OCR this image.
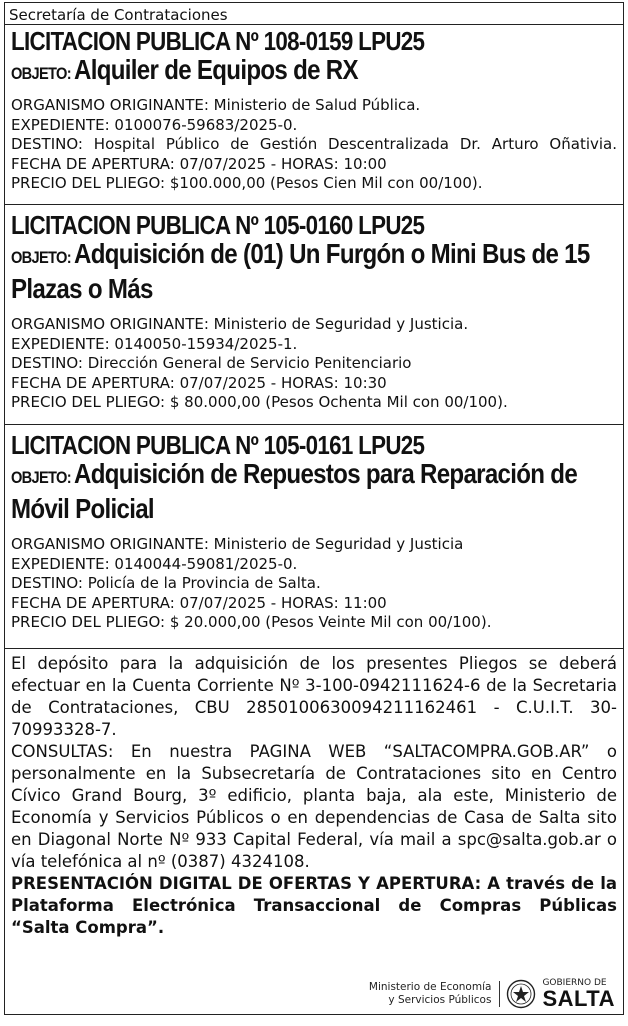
Secretaría de Contrataciones
LICITACION PUBLICA Nº 108-0159 LPU25
OBJETO: Alquiler de Equipos de RX
ORGANISMO ORIGINANTE: Ministerio de Salud Pública.
EXPEDIENTE: 0100076-59683/2025-0.
DESTINO: Hospital Público de Gestión Descentralizada Dr. Arturo Oñativia. FECHA DE APERTURA: 07/07/2025 - HORAS: 10:00
PRECIO DEL PLIEGO: $100.000,00 (Pesos Cien Mil con 00/100).
LICITACION PUBLICA Nº 105-0160 LPU25
OBJETO: Adquisición de (01) Un Furgón o Mini Bus de 15 Plazas o Más
ORGANISMO ORIGINANTE: Ministerio de Seguridad y Justicia.
EXPEDIENTE: 0140050-15934/2025-1.
DESTINO: Dirección General de Servicio Penitenciario
FECHA DE APERTURA: 07/07/2025 - HORAS: 10:30
PRECIO DEL PLIEGO: $ 80.000,00 (Pesos Ochenta Mil con 00/100).
LICITACION PUBLICA Nº 105-0161 LPU25
OBJETO: Adquisición de Repuestos para Reparación de Móvil Policial
ORGANISMO ORIGINANTE: Ministerio de Seguridad y Justicia
EXPEDIENTE: 0140044-59081/2025-0.
DESTINO: Policía de la Provincia de Salta.
FECHA DE APERTURA: 07/07/2025 - HORAS: 11:00
PRECIO DEL PLIEGO: $ 20.000,00 (Pesos Veinte Mil con 00/100).

El depósito para la adquisición de los presentes Pliegos se deberá efectuar en la Cuenta Corriente Nº 3-100-0942111624-6 de la Secretaria de Contrataciones, CBU 2850100630094211162461 - C.U.I.T. 30-70993328-7.

CONSULTAS: En nuestra PAGINA WEB “SALTACOMPRA.GOB.AR” o personalmente en la Subsecretaría de Contrataciones sito en Centro Cívico Grand Bourg, 3º edificio, planta baja, ala este, Ministerio de Economía y Servicios Públicos o en dependencias de Casa de Salta sito en Diagonal Norte Nº 933 Capital Federal, vía mail a spc@salta.gob.ar o vía telefónica al nº (0387) 4324108.

PRESENTACIÓN DIGITAL DE OFERTAS Y APERTURA: A través de la Plataforma Electrónica Transaccional de Compras Públicas “Salta Compra”.

Ministerio de Economía
y Servicios Públicos
GOBIERNO DE
SALTA
